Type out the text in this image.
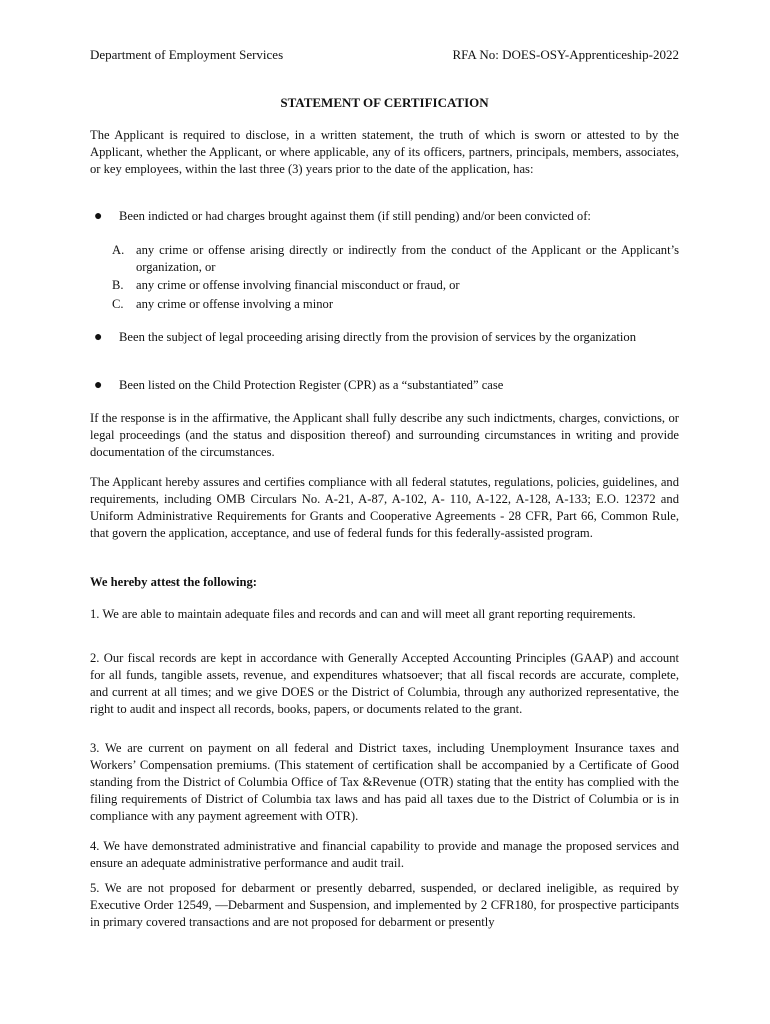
Department of Employment Services	RFA No: DOES-OSY-Apprenticeship-2022
STATEMENT OF CERTIFICATION

The Applicant is required to disclose, in a written statement, the truth of which is sworn or attested to by the Applicant, whether the Applicant, or where applicable, any of its officers, partners, principals, members, associates, or key employees, within the last three (3) years prior to the date of the application, has:

● Been indicted or had charges brought against them (if still pending) and/or been convicted of:
A. any crime or offense arising directly or indirectly from the conduct of the Applicant or the Applicant’s organization, or
B. any crime or offense involving financial misconduct or fraud, or
C. any crime or offense involving a minor
● Been the subject of legal proceeding arising directly from the provision of services by the organization
● Been listed on the Child Protection Register (CPR) as a “substantiated” case

If the response is in the affirmative, the Applicant shall fully describe any such indictments, charges, convictions, or legal proceedings (and the status and disposition thereof) and surrounding circumstances in writing and provide documentation of the circumstances.

The Applicant hereby assures and certifies compliance with all federal statutes, regulations, policies, guidelines, and requirements, including OMB Circulars No. A-21, A-87, A-102, A- 110, A-122, A-128, A-133; E.O. 12372 and Uniform Administrative Requirements for Grants and Cooperative Agreements - 28 CFR, Part 66, Common Rule, that govern the application, acceptance, and use of federal funds for this federally-assisted program.

We hereby attest the following:

1. We are able to maintain adequate files and records and can and will meet all grant reporting requirements.

2. Our fiscal records are kept in accordance with Generally Accepted Accounting Principles (GAAP) and account for all funds, tangible assets, revenue, and expenditures whatsoever; that all fiscal records are accurate, complete, and current at all times; and we give DOES or the District of Columbia, through any authorized representative, the right to audit and inspect all records, books, papers, or documents related to the grant.

3. We are current on payment on all federal and District taxes, including Unemployment Insurance taxes and Workers’ Compensation premiums. (This statement of certification shall be accompanied by a Certificate of Good standing from the District of Columbia Office of Tax &Revenue (OTR) stating that the entity has complied with the filing requirements of District of Columbia tax laws and has paid all taxes due to the District of Columbia or is in compliance with any payment agreement with OTR).

4. We have demonstrated administrative and financial capability to provide and manage the proposed services and ensure an adequate administrative performance and audit trail.

5. We are not proposed for debarment or presently debarred, suspended, or declared ineligible, as required by Executive Order 12549, —Debarment and Suspension, and implemented by 2 CFR180, for prospective participants in primary covered transactions and are not proposed for debarment or presently
